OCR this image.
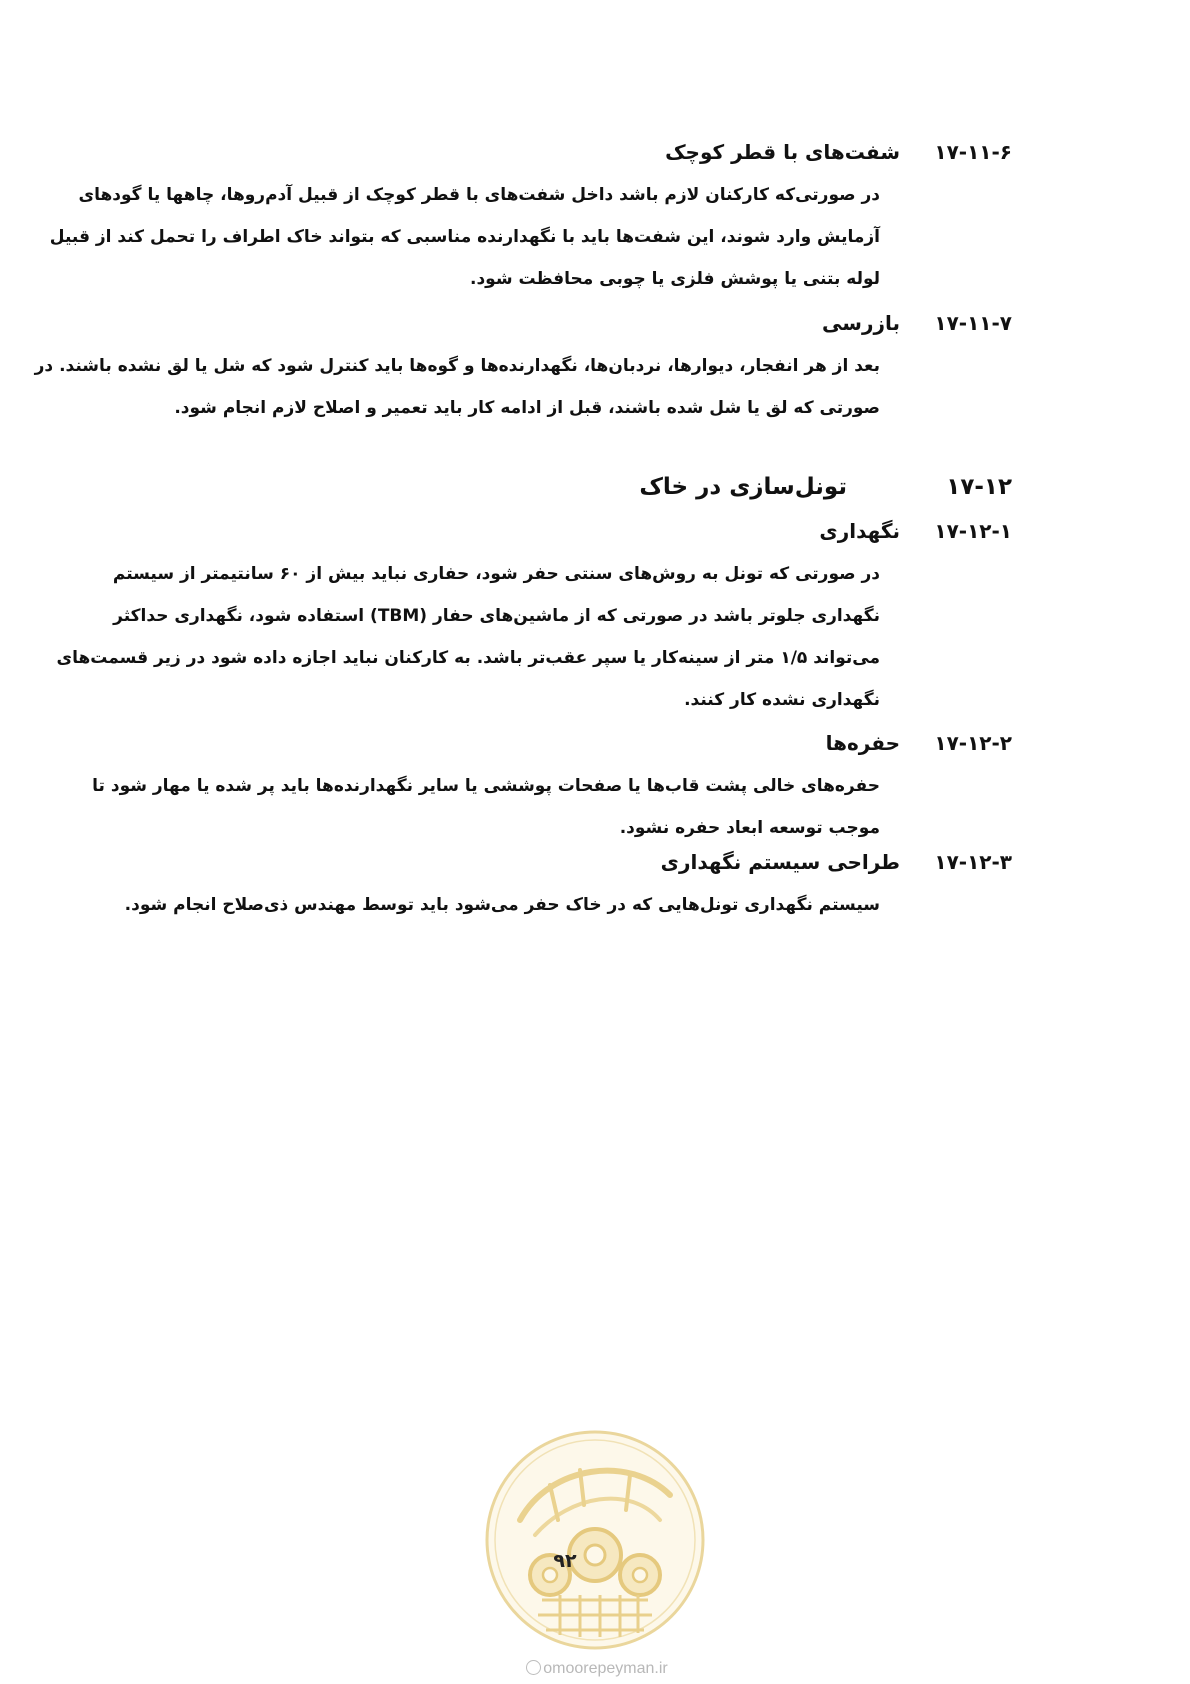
۱۷-۱۱-۶
شفت‌های با قطر کوچک
در صورتی‌که کارکنان لازم باشد داخل شفت‌های با قطر کوچک از قبیل آدم‌روها، چاهها یا گودهای
آزمایش وارد شوند، این شفت‌ها باید با نگهدارنده مناسبی که بتواند خاک اطراف را تحمل کند از قبیل
لوله بتنی یا پوشش فلزی یا چوبی محافظت شود.
۱۷-۱۱-۷
بازرسی
بعد از هر انفجار، دیوارها، نردبان‌ها، نگهدارنده‌ها و گوه‌ها باید کنترل شود که شل یا لق نشده باشند. در
صورتی که لق یا شل شده باشند، قبل از ادامه کار باید تعمیر و اصلاح لازم انجام شود.
۱۷-۱۲
تونل‌سازی در خاک
۱۷-۱۲-۱
نگهداری
در صورتی که تونل به روش‌های سنتی حفر شود، حفاری نباید بیش از ۶۰ سانتیمتر از سیستم
نگهداری جلوتر باشد در صورتی که از ماشین‌های حفار (TBM) استفاده شود، نگهداری حداکثر
می‌تواند ۱/۵ متر از سینه‌کار یا سپر عقب‌تر باشد. به کارکنان نباید اجازه داده شود در زیر قسمت‌های
نگهداری نشده کار کنند.
۱۷-۱۲-۲
حفره‌ها
حفره‌های خالی پشت قاب‌ها یا صفحات پوششی یا سایر نگهدارنده‌ها باید پر شده یا مهار شود تا
موجب توسعه ابعاد حفره نشود.
۱۷-۱۲-۳
طراحی سیستم نگهداری
سیستم نگهداری تونل‌هایی که در خاک حفر می‌شود باید توسط مهندس ذی‌صلاح انجام شود.
۹۲
omoorepeyman.ir
